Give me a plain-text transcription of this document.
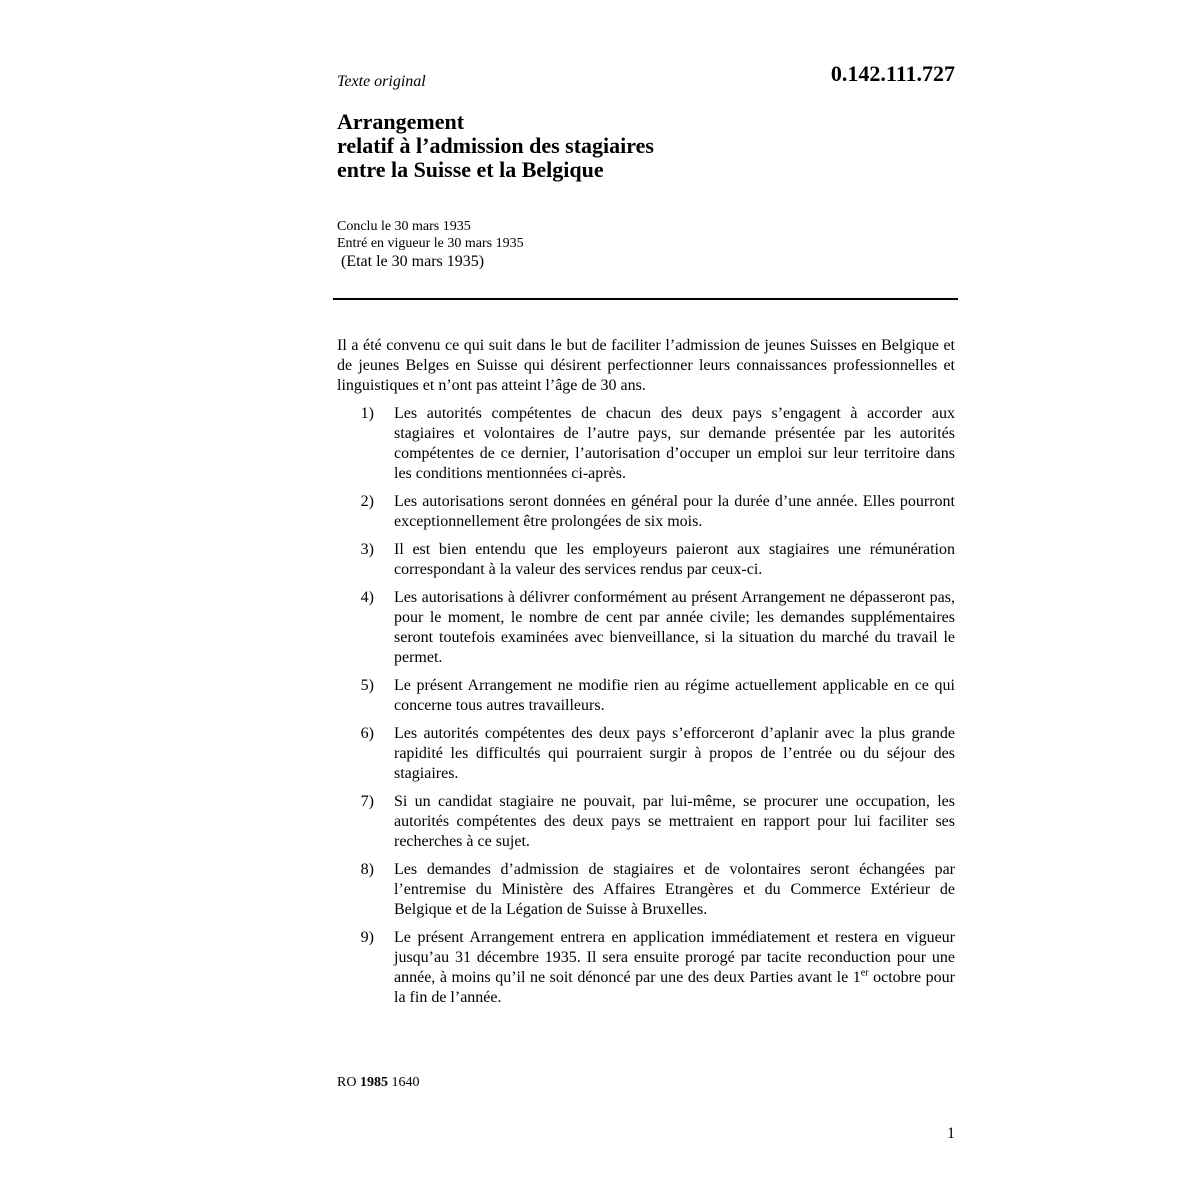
Texte original	0.142.111.727
Arrangement
relatif à l’admission des stagiaires
entre la Suisse et la Belgique
Conclu le 30 mars 1935
Entré en vigueur le 30 mars 1935
(Etat le 30 mars 1935)

Il a été convenu ce qui suit dans le but de faciliter l’admission de jeunes Suisses en Belgique et de jeunes Belges en Suisse qui désirent perfectionner leurs connaissances professionnelles et linguistiques et n’ont pas atteint l’âge de 30 ans.

1)	Les autorités compétentes de chacun des deux pays s’engagent à accorder aux stagiaires et volontaires de l’autre pays, sur demande présentée par les autorités compétentes de ce dernier, l’autorisation d’occuper un emploi sur leur territoire dans les conditions mentionnées ci-après.
2)	Les autorisations seront données en général pour la durée d’une année. Elles pourront exceptionnellement être prolongées de six mois.
3)	Il est bien entendu que les employeurs paieront aux stagiaires une rémunération correspondant à la valeur des services rendus par ceux-ci.
4)	Les autorisations à délivrer conformément au présent Arrangement ne dépasseront pas, pour le moment, le nombre de cent par année civile; les demandes supplémentaires seront toutefois examinées avec bienveillance, si la situation du marché du travail le permet.
5)	Le présent Arrangement ne modifie rien au régime actuellement applicable en ce qui concerne tous autres travailleurs.
6)	Les autorités compétentes des deux pays s’efforceront d’aplanir avec la plus grande rapidité les difficultés qui pourraient surgir à propos de l’entrée ou du séjour des stagiaires.
7)	Si un candidat stagiaire ne pouvait, par lui-même, se procurer une occupation, les autorités compétentes des deux pays se mettraient en rapport pour lui faciliter ses recherches à ce sujet.
8)	Les demandes d’admission de stagiaires et de volontaires seront échangées par l’entremise du Ministère des Affaires Etrangères et du Commerce Extérieur de Belgique et de la Légation de Suisse à Bruxelles.
9)	Le présent Arrangement entrera en application immédiatement et restera en vigueur jusqu’au 31 décembre 1935. Il sera ensuite prorogé par tacite reconduction pour une année, à moins qu’il ne soit dénoncé par une des deux Parties avant le 1er octobre pour la fin de l’année.
RO 1985 1640
1
